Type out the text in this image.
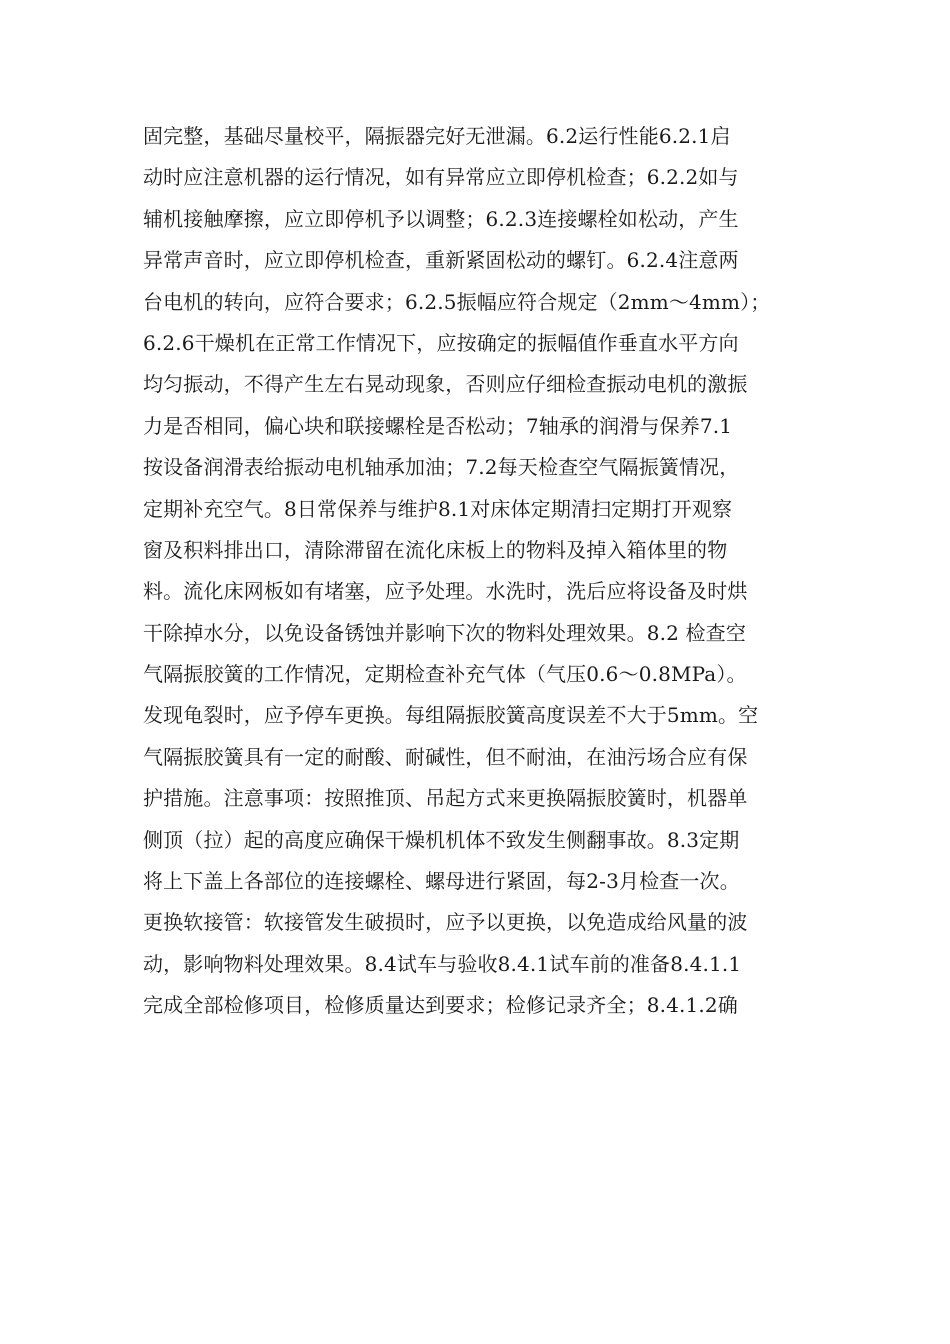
固完整，基础尽量校平，隔振器完好无泄漏。6.2运行性能6.2.1启
动时应注意机器的运行情况，如有异常应立即停机检查；6.2.2如与
辅机接触摩擦，应立即停机予以调整；6.2.3连接螺栓如松动，产生
异常声音时，应立即停机检查，重新紧固松动的螺钉。6.2.4注意两
台电机的转向，应符合要求；6.2.5振幅应符合规定（2mm～4mm）；
6.2.6干燥机在正常工作情况下，应按确定的振幅值作垂直水平方向
均匀振动，不得产生左右晃动现象，否则应仔细检查振动电机的激振
力是否相同，偏心块和联接螺栓是否松动；7轴承的润滑与保养7.1
按设备润滑表给振动电机轴承加油；7.2每天检查空气隔振簧情况，
定期补充空气。8日常保养与维护8.1对床体定期清扫定期打开观察
窗及积料排出口，清除滞留在流化床板上的物料及掉入箱体里的物
料。流化床网板如有堵塞，应予处理。水洗时，洗后应将设备及时烘
干除掉水分，以免设备锈蚀并影响下次的物料处理效果。8.2 检查空
气隔振胶簧的工作情况，定期检查补充气体（气压0.6～0.8MPa）。
发现龟裂时，应予停车更换。每组隔振胶簧高度误差不大于5mm。空
气隔振胶簧具有一定的耐酸、耐碱性，但不耐油，在油污场合应有保
护措施。注意事项：按照推顶、吊起方式来更换隔振胶簧时，机器单
侧顶（拉）起的高度应确保干燥机机体不致发生侧翻事故。8.3定期
将上下盖上各部位的连接螺栓、螺母进行紧固，每2-3月检查一次。
更换软接管：软接管发生破损时，应予以更换，以免造成给风量的波
动，影响物料处理效果。8.4试车与验收8.4.1试车前的准备8.4.1.1
完成全部检修项目，检修质量达到要求；检修记录齐全；8.4.1.2确
